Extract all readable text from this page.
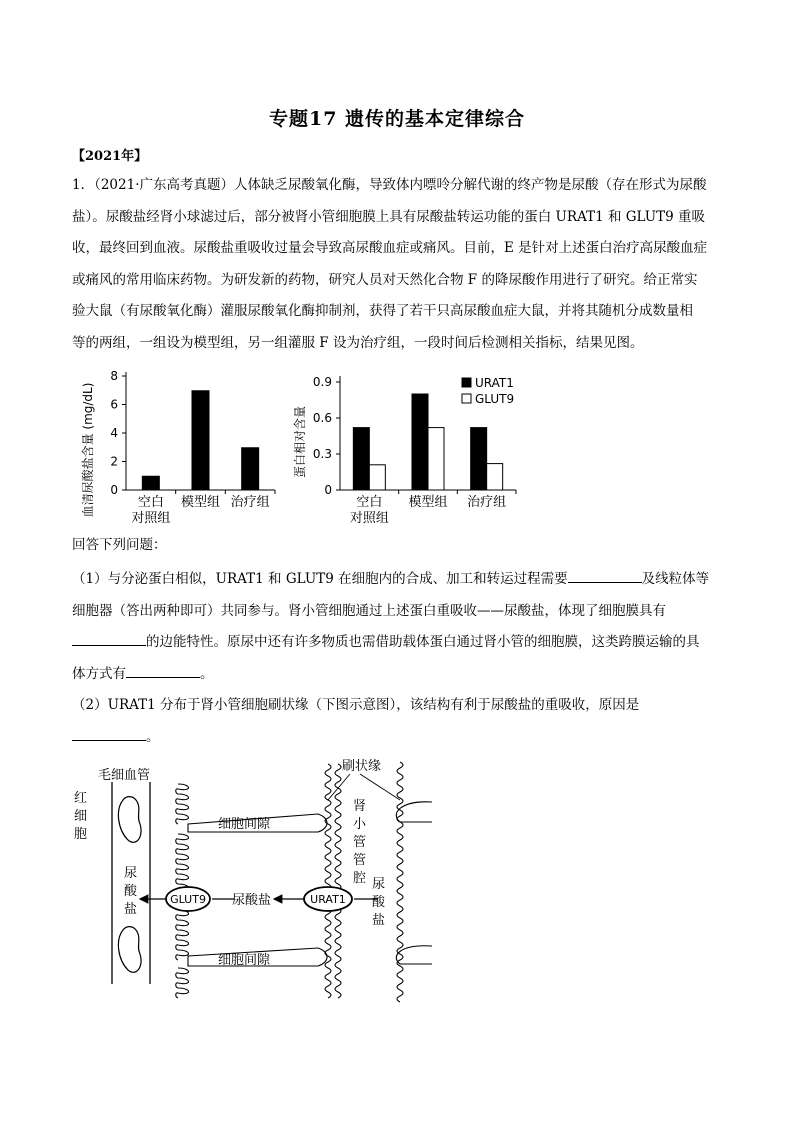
专题17 遗传的基本定律综合
【2021年】
1．（2021·广东高考真题）人体缺乏尿酸氧化酶，导致体内嘌呤分解代谢的终产物是尿酸（存在形式为尿酸
盐）。尿酸盐经肾小球滤过后，部分被肾小管细胞膜上具有尿酸盐转运功能的蛋白 URAT1 和 GLUT9 重吸
收，最终回到血液。尿酸盐重吸收过量会导致高尿酸血症或痛风。目前，E 是针对上述蛋白治疗高尿酸血症
或痛风的常用临床药物。为研发新的药物，研究人员对天然化合物 F 的降尿酸作用进行了研究。给正常实
验大鼠（有尿酸氧化酶）灌服尿酸氧化酶抑制剂，获得了若干只高尿酸血症大鼠，并将其随机分成数量相
等的两组，一组设为模型组，另一组灌服 F 设为治疗组，一段时间后检测相关指标，结果见图。
血清尿酸盐含量 (mg/dL) 0
2
4
6
8
空白
对照组
模型组 治疗组
蛋白相对含量
0
0.3
0.6
0.9
空白
对照组
模型组 治疗组
URAT1
GLUT9
回答下列问题：
（1）与分泌蛋白相似，URAT1 和 GLUT9 在细胞内的合成、加工和转运过程需要	及线粒体等
细胞器（答出两种即可）共同参与。肾小管细胞通过上述蛋白重吸收——尿酸盐，体现了细胞膜具有
的边能特性。原尿中还有许多物质也需借助载体蛋白通过肾小管的细胞膜，这类跨膜运输的具
体方式有	。
（2）URAT1 分布于肾小管细胞刷状缘（下图示意图），该结构有利于尿酸盐的重吸收，原因是
。
毛细血管
红细胞
尿酸盐
细胞间隙
细胞间隙
刷状缘
肾小管管腔 尿酸盐
GLUT9	URAT1
尿酸盐
